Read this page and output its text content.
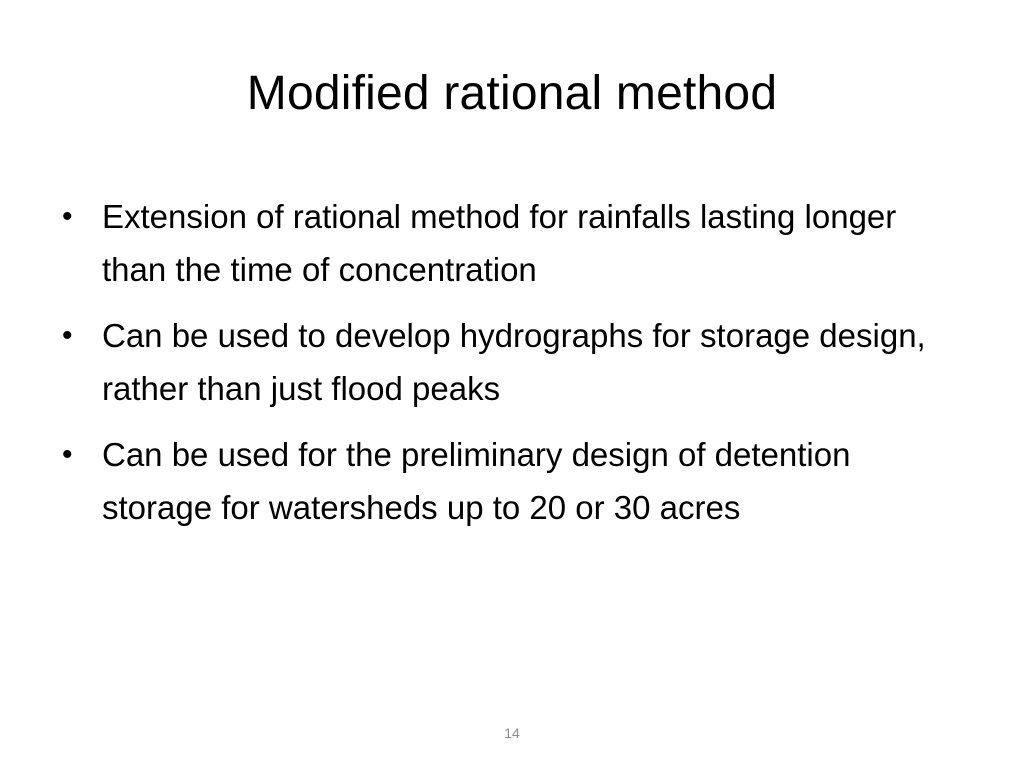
Modified rational method
• Extension of rational method for rainfalls lasting longer than the time of concentration
• Can be used to develop hydrographs for storage design, rather than just flood peaks
• Can be used for the preliminary design of detention storage for watersheds up to 20 or 30 acres
14
